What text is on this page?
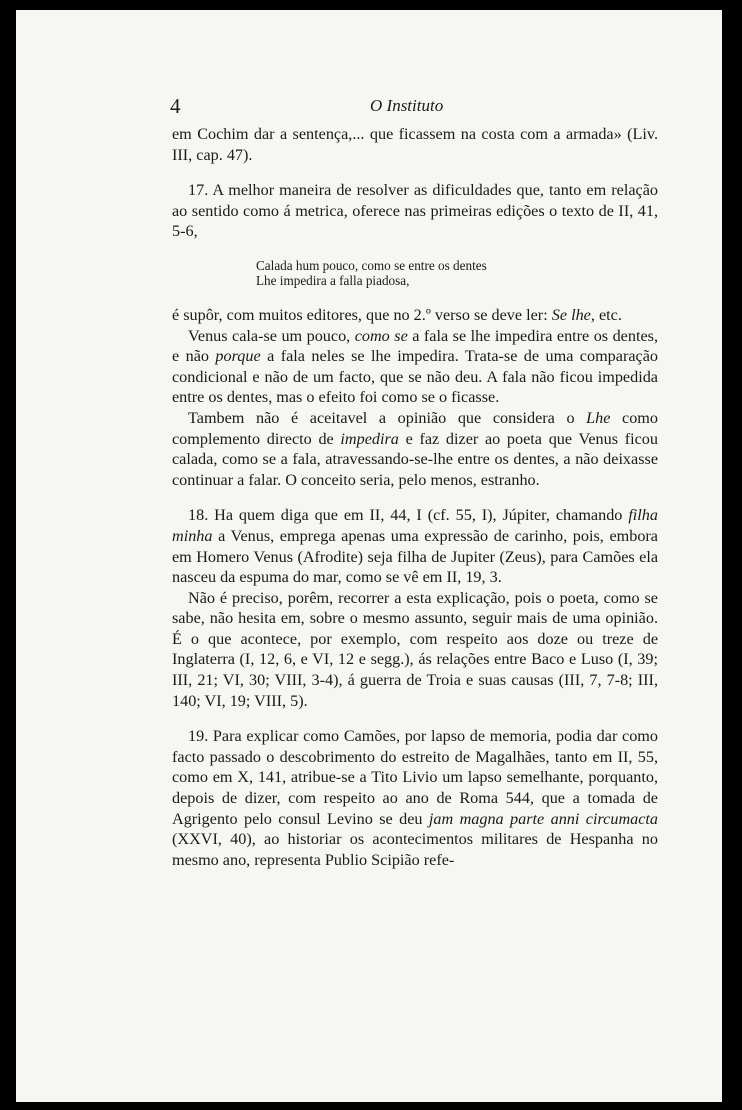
4	O Instituto

em Cochim dar a sentença,... que ficassem na costa com a armada» (Liv. III, cap. 47).

17. A melhor maneira de resolver as dificuldades que, tanto em relação ao sentido como á metrica, oferece nas primeiras edições o texto de II, 41, 5-6,

Calada hum pouco, como se entre os dentes
Lhe impedira a falla piadosa,

é supôr, com muitos editores, que no 2.º verso se deve ler: Se lhe, etc.

Venus cala-se um pouco, como se a fala se lhe impedira entre os dentes, e não porque a fala neles se lhe impedira. Trata-se de uma comparação condicional e não de um facto, que se não deu. A fala não ficou impedida entre os dentes, mas o efeito foi como se o ficasse.

Tambem não é aceitavel a opinião que considera o Lhe como complemento directo de impedira e faz dizer ao poeta que Venus ficou calada, como se a fala, atravessando-se-lhe entre os dentes, a não deixasse continuar a falar. O conceito seria, pelo menos, estranho.

18. Ha quem diga que em II, 44, I (cf. 55, I), Júpiter, chamando filha minha a Venus, emprega apenas uma expressão de carinho, pois, embora em Homero Venus (Afrodite) seja filha de Jupiter (Zeus), para Camões ela nasceu da espuma do mar, como se vê em II, 19, 3.

Não é preciso, porêm, recorrer a esta explicação, pois o poeta, como se sabe, não hesita em, sobre o mesmo assunto, seguir mais de uma opinião. É o que acontece, por exemplo, com respeito aos doze ou treze de Inglaterra (I, 12, 6, e VI, 12 e segg.), ás relações entre Baco e Luso (I, 39; III, 21; VI, 30; VIII, 3-4), á guerra de Troia e suas causas (III, 7, 7-8; III, 140; VI, 19; VIII, 5).

19. Para explicar como Camões, por lapso de memoria, podia dar como facto passado o descobrimento do estreito de Magalhães, tanto em II, 55, como em X, 141, atribue-se a Tito Livio um lapso semelhante, porquanto, depois de dizer, com respeito ao ano de Roma 544, que a tomada de Agrigento pelo consul Levino se deu jam magna parte anni circumacta (XXVI, 40), ao historiar os acontecimentos militares de Hespanha no mesmo ano, representa Publio Scipião refe-
